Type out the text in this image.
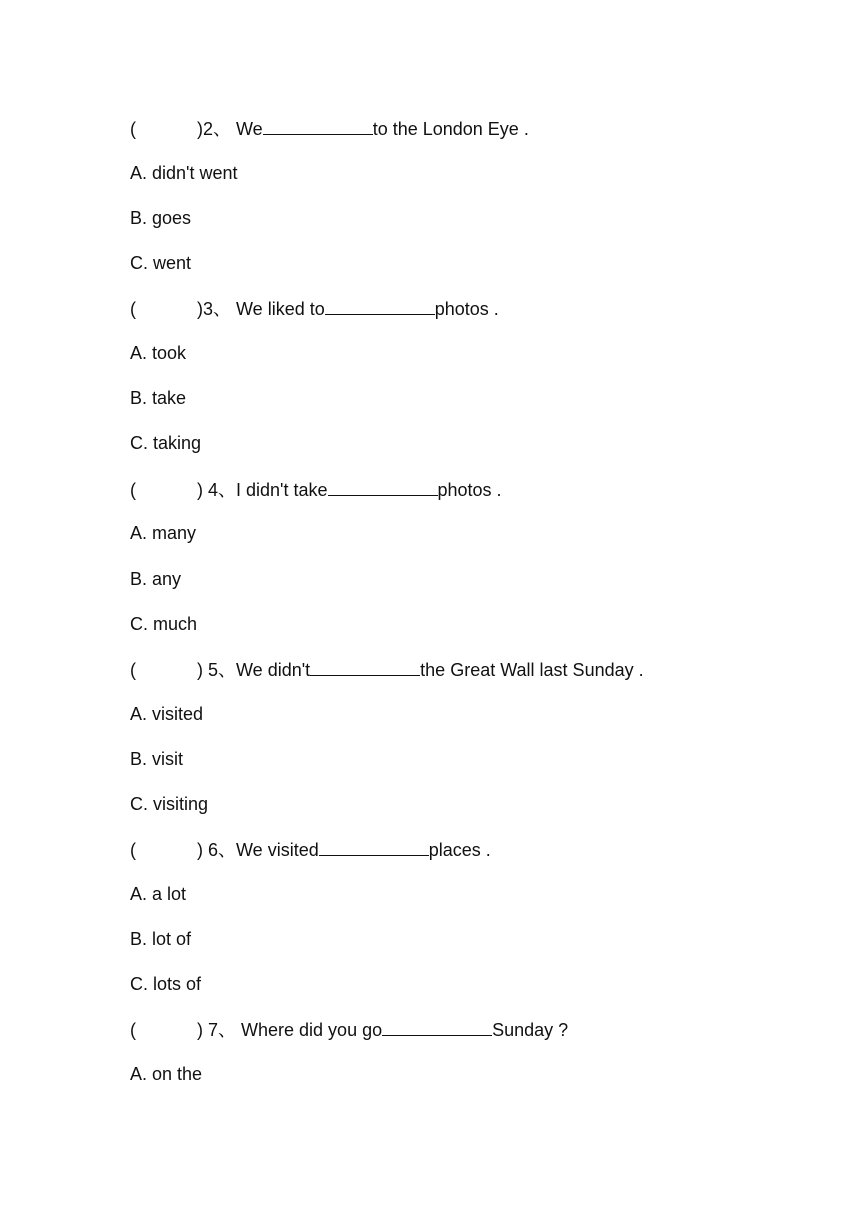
(	)2、 We	to the London Eye .
A. didn't went
B. goes
C. went
(	)3、 We liked to	photos .
A. took
B. take
C. taking
(	) 4、I didn't take	photos .
A. many
B. any
C. much
(	) 5、We didn't	the Great Wall last Sunday .
A. visited
B. visit
C. visiting
(	) 6、We visited	places .
A. a lot
B. lot of
C. lots of
(	) 7、 Where did you go	Sunday ?
A. on the
